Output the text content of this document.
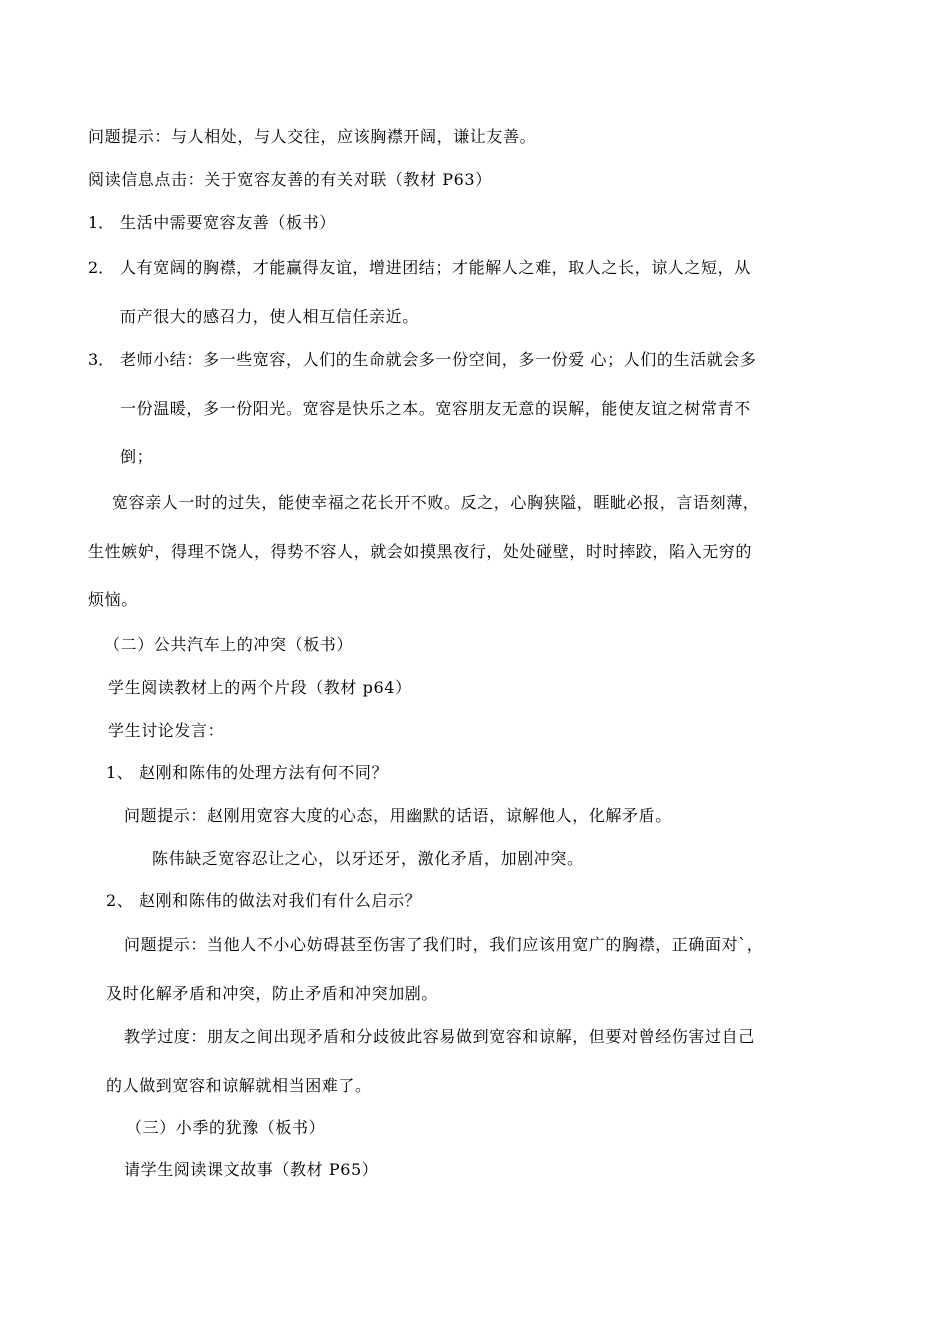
问题提示：与人相处，与人交往，应该胸襟开阔，谦让友善。
阅读信息点击：关于宽容友善的有关对联（教材 P63）
1． 生活中需要宽容友善（板书）
2． 人有宽阔的胸襟，才能赢得友谊，增进团结；才能解人之难，取人之长，谅人之短，从
而产很大的感召力，使人相互信任亲近。
3． 老师小结：多一些宽容，人们的生命就会多一份空间，多一份爱 心；人们的生活就会多
一份温暖，多一份阳光。宽容是快乐之本。宽容朋友无意的误解，能使友谊之树常青不
倒；
宽容亲人一时的过失，能使幸福之花长开不败。反之，心胸狭隘，睚眦必报，言语刻薄，
生性嫉妒，得理不饶人，得势不容人，就会如摸黑夜行，处处碰壁，时时摔跤，陷入无穷的
烦恼。
（二）公共汽车上的冲突（板书）
学生阅读教材上的两个片段（教材 p64）
学生讨论发言：
1、 赵刚和陈伟的处理方法有何不同？
问题提示：赵刚用宽容大度的心态，用幽默的话语，谅解他人，化解矛盾。
陈伟缺乏宽容忍让之心，以牙还牙，激化矛盾，加剧冲突。
2、 赵刚和陈伟的做法对我们有什么启示？
问题提示：当他人不小心妨碍甚至伤害了我们时，我们应该用宽广的胸襟，正确面对`，
及时化解矛盾和冲突，防止矛盾和冲突加剧。
教学过度：朋友之间出现矛盾和分歧彼此容易做到宽容和谅解，但要对曾经伤害过自己
的人做到宽容和谅解就相当困难了。
（三）小季的犹豫（板书）
请学生阅读课文故事（教材 P65）
